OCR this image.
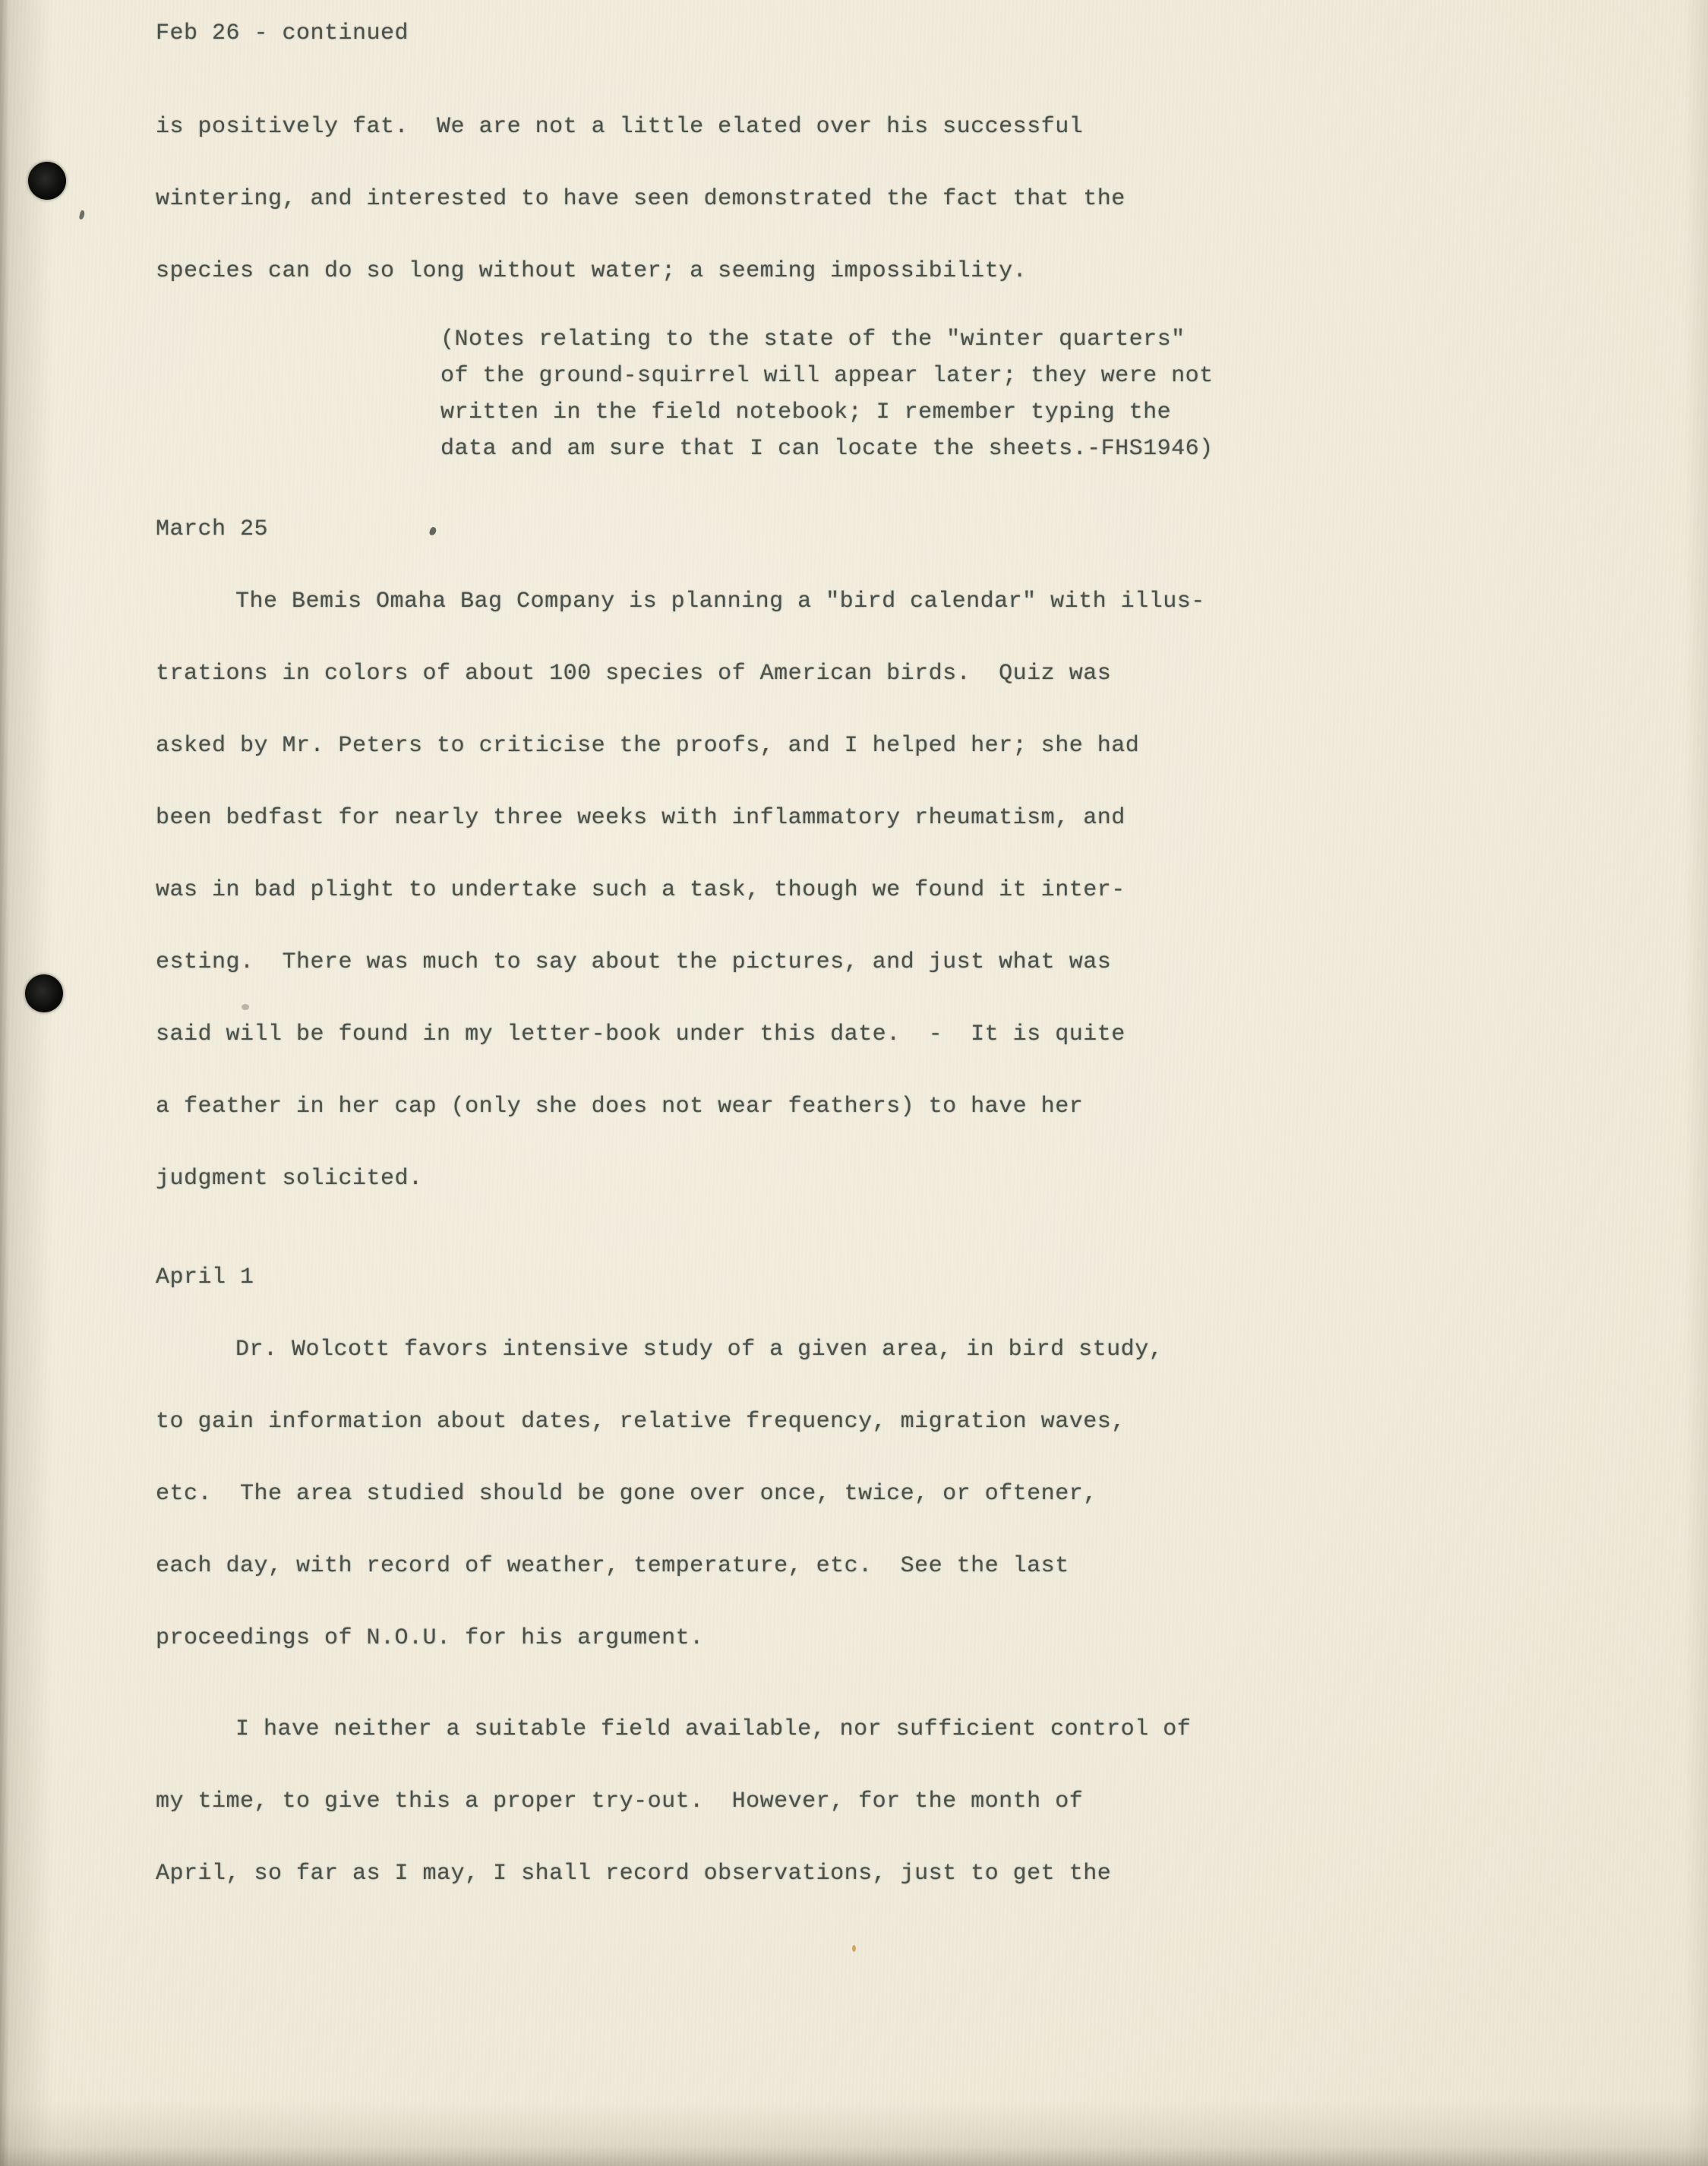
Feb 26 - continued
is positively fat.  We are not a little elated over his successful
wintering, and interested to have seen demonstrated the fact that the
species can do so long without water; a seeming impossibility.
(Notes relating to the state of the "winter quarters"
of the ground-squirrel will appear later; they were not
written in the field notebook; I remember typing the
data and am sure that I can locate the sheets.-FHS1946)
March 25
The Bemis Omaha Bag Company is planning a "bird calendar" with illus-
trations in colors of about 100 species of American birds.  Quiz was
asked by Mr. Peters to criticise the proofs, and I helped her; she had
been bedfast for nearly three weeks with inflammatory rheumatism, and
was in bad plight to undertake such a task, though we found it inter-
esting.  There was much to say about the pictures, and just what was
said will be found in my letter-book under this date.  -  It is quite
a feather in her cap (only she does not wear feathers) to have her
judgment solicited.
April 1
Dr. Wolcott favors intensive study of a given area, in bird study,
to gain information about dates, relative frequency, migration waves,
etc.  The area studied should be gone over once, twice, or oftener,
each day, with record of weather, temperature, etc.  See the last
proceedings of N.O.U. for his argument.
I have neither a suitable field available, nor sufficient control of
my time, to give this a proper try-out.  However, for the month of
April, so far as I may, I shall record observations, just to get the
